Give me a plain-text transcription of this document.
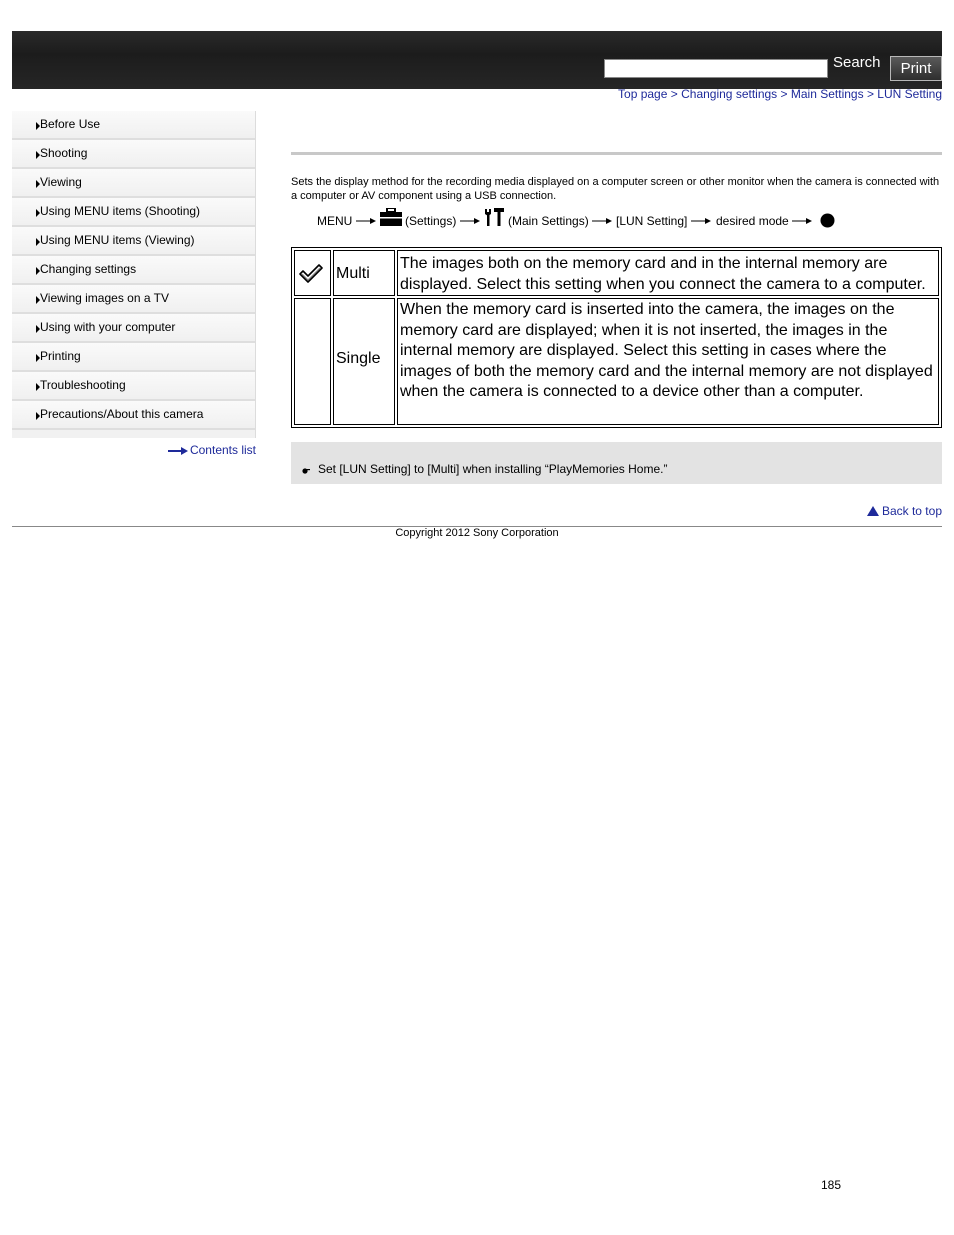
Search	Print
Top page > Changing settings > Main Settings > LUN Setting
Before Use
Shooting
Viewing
Using MENU items (Shooting)
Using MENU items (Viewing)
Changing settings
Viewing images on a TV
Using with your computer
Printing
Troubleshooting
Precautions/About this camera
Contents list
Sets the display method for the recording media displayed on a computer screen or other monitor when the camera is connected with a computer or AV component using a USB connection.
MENU	(Settings)	(Main Settings) [LUN Setting] desired mode
Multi
The images both on the memory card and in the internal memory are displayed. Select this setting when you connect the camera to a computer.
Single
When the memory card is inserted into the camera, the images on the memory card are displayed; when it is not inserted, the images in the internal memory are displayed. Select this setting in cases where the images of both the memory card and the internal memory are not displayed when the camera is connected to a device other than a computer.
Set [LUN Setting] to [Multi] when installing “PlayMemories Home.”
Back to top
Copyright 2012 Sony Corporation
185
